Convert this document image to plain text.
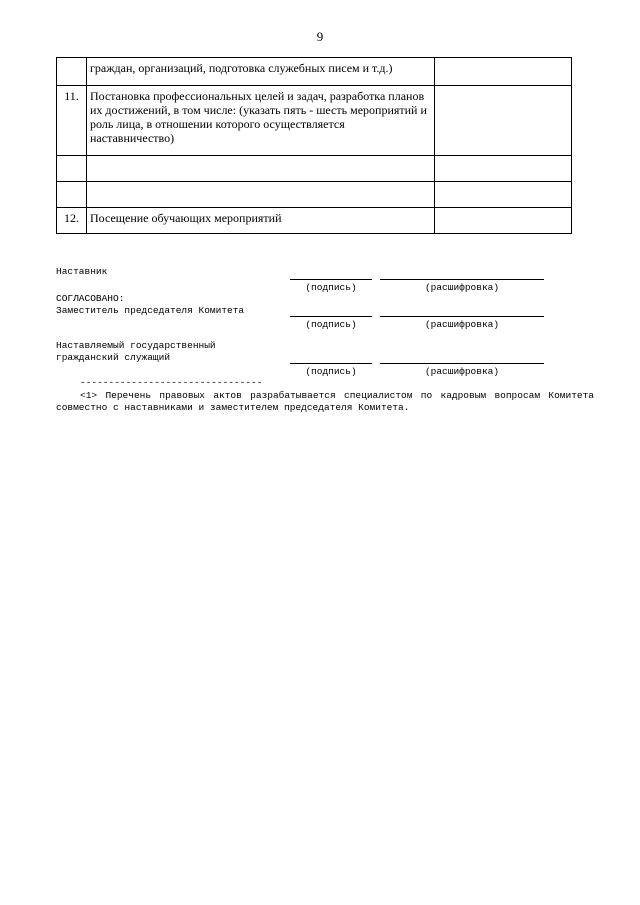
9
	граждан, организаций, подготовка служебных писем и т.д.)	

11.	Постановка профессиональных целей и задач, разработка планов их достижений, в том числе: (указать пять - шесть мероприятий и роль лица, в отношении которого осуществляется наставничество)	

12.	Посещение обучающих мероприятий	
Наставник
(подпись)	(расшифровка)
СОГЛАСОВАНО:
Заместитель председателя Комитета
(подпись)	(расшифровка)
Наставляемый государственный
гражданский служащий
(подпись)	(расшифровка)
--------------------------------
<1> Перечень правовых актов разрабатывается специалистом по кадровым вопросам Комитета совместно с наставниками и заместителем председателя Комитета.
